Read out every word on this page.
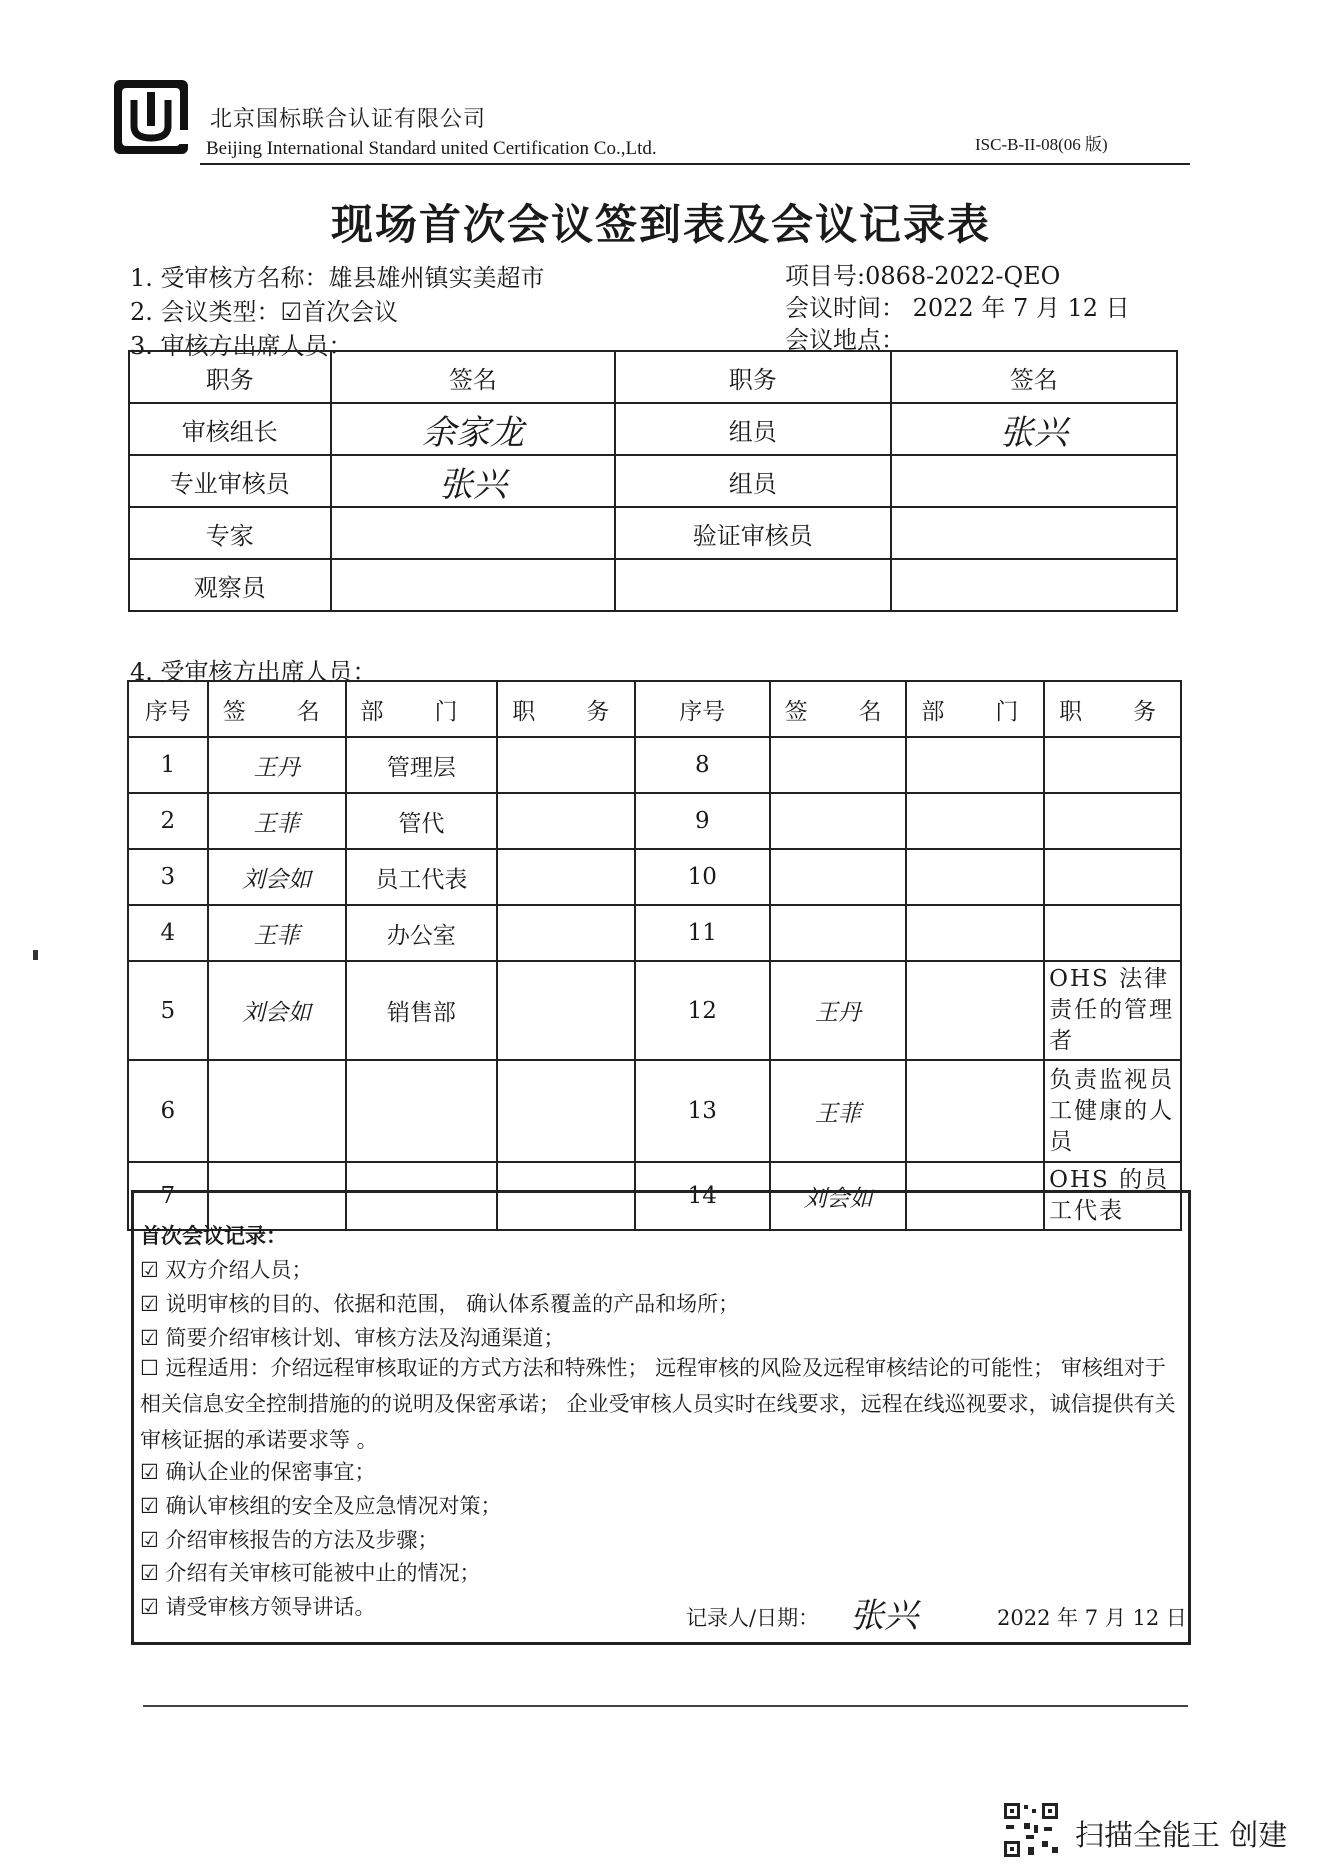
北京国标联合认证有限公司
Beijing International Standard united Certification Co.,Ltd.	ISC-B-II-08(06 版)
现场首次会议签到表及会议记录表
1. 受审核方名称：雄县雄州镇实美超市	项目号:0868-2022-QEO
2. 会议类型：☑首次会议	会议时间： 2022 年 7 月 12 日
3. 审核方出席人员：	会议地点：
职务	签名	职务	签名
审核组长	余家龙	组员	张兴
专业审核员	张兴	组员	
专家		验证审核员	
观察员			
4. 受审核方出席人员：
序号	签　名	部　门	职　务	序号	签　名	部　门	职　务
1	王丹	管理层		8			
2	王菲	管代		9			
3	刘会如	员工代表		10			
4	王菲	办公室		11			
5	刘会如	销售部		12	王丹		OHS 法律责任的管理者
6				13	王菲		负责监视员工健康的人员
7				14	刘会如		OHS 的员工代表
首次会议记录：
☑ 双方介绍人员；
☑ 说明审核的目的、依据和范围， 确认体系覆盖的产品和场所；
☑ 简要介绍审核计划、审核方法及沟通渠道；
☐ 远程适用：介绍远程审核取证的方式方法和特殊性； 远程审核的风险及远程审核结论的可能性； 审核组对于相关信息安全控制措施的的说明及保密承诺； 企业受审核人员实时在线要求，远程在线巡视要求，诚信提供有关审核证据的承诺要求等 。
☑ 确认企业的保密事宜；
☑ 确认审核组的安全及应急情况对策；
☑ 介绍审核报告的方法及步骤；
☑ 介绍有关审核可能被中止的情况；
☑ 请受审核方领导讲话。	记录人/日期： 张兴	2022 年 7 月 12 日
扫描全能王 创建
